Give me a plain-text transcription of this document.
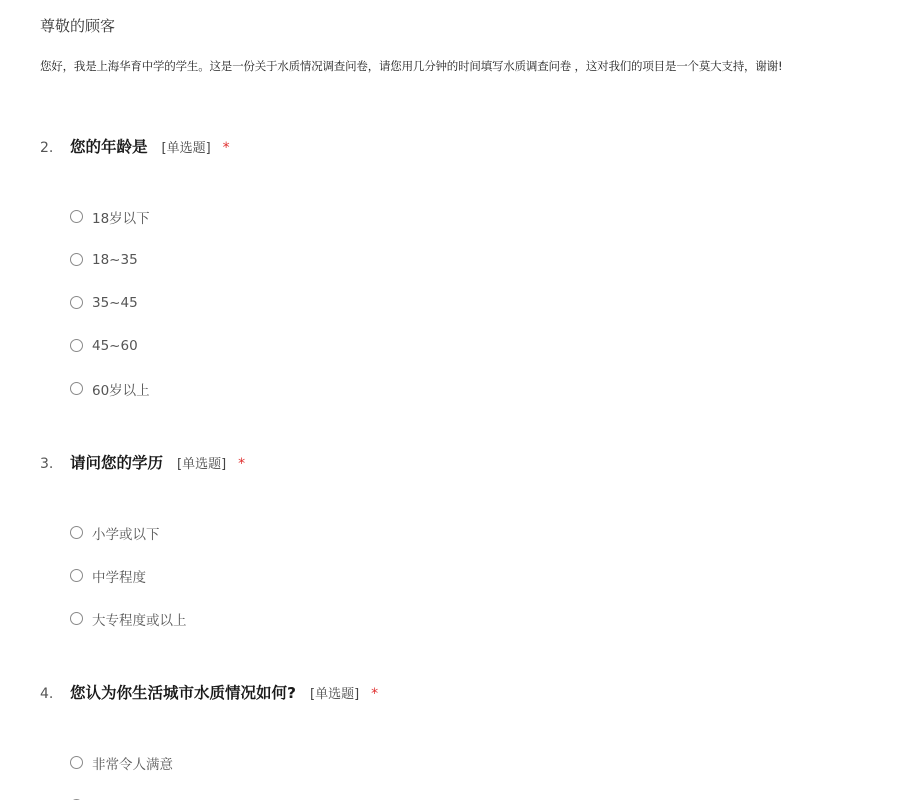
尊敬的顾客
您好，我是上海华育中学的学生。这是一份关于水质情况调查问卷，请您用几分钟的时间填写水质调查问卷 ，这对我们的项目是一个莫大支持，谢谢!
2.	您的年龄是 [单选题] *
18岁以下
18~35
35~45
45~60
60岁以上
3.	请问您的学历 [单选题] *
小学或以下
中学程度
大专程度或以上
4.	您认为你生活城市水质情况如何? [单选题] *
非常令人满意
